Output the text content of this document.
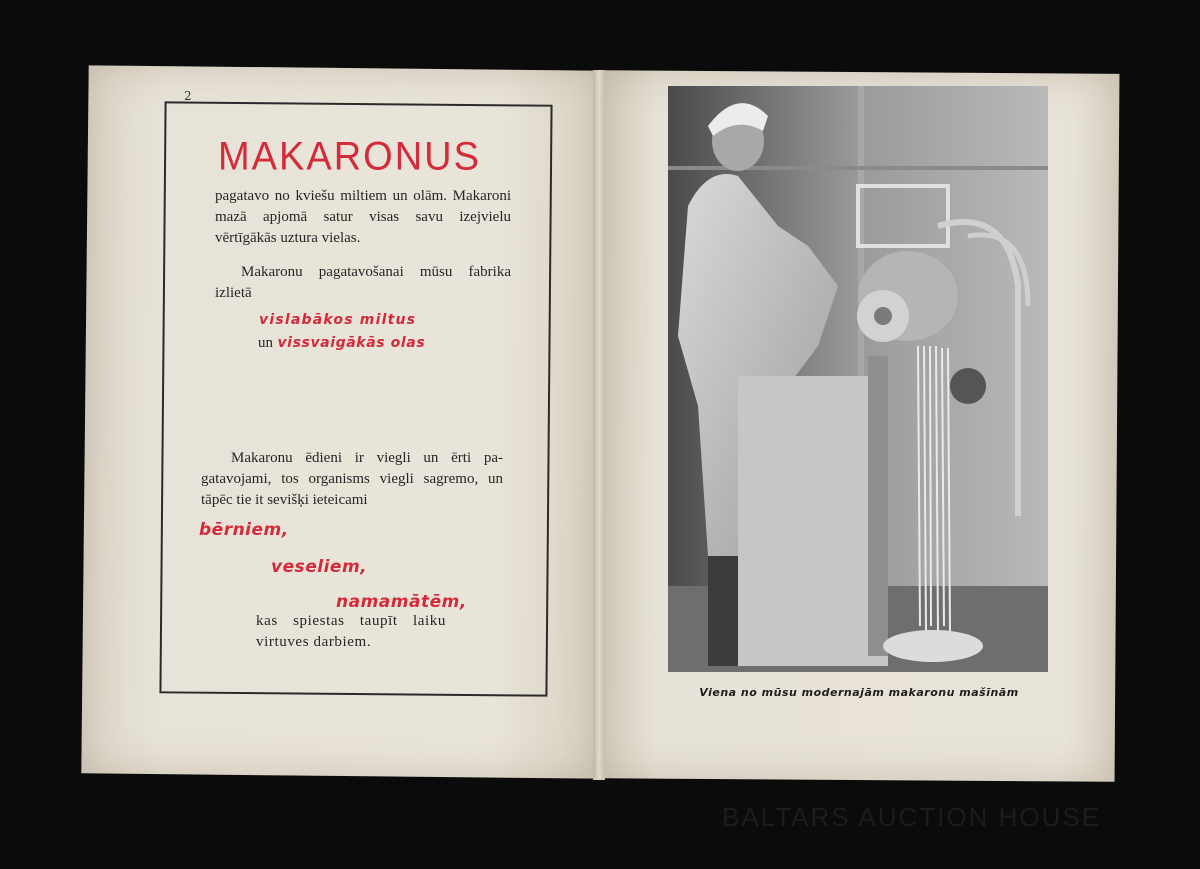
2
MAKARONUS
pagatavo no kviešu miltiem un olām. Makaroni mazā apjomā satur visas savu izejvielu vērtīgākās uztura vielas.
Makaronu pagatavošanai mūsu fabrika izlietā
vislabākos miltus
un vissvaigākās olas
Makaronu ēdieni ir viegli un ērti pagatavojami, tos organisms viegli sagremo, un tāpēc tie it sevišķi ieteicami
bērniem,
veseliem,
namamātēm,
kas spiestas taupīt laiku virtuves darbiem.
Viena no mūsu modernajām makaronu mašīnām
BALTARS AUCTION HOUSE
